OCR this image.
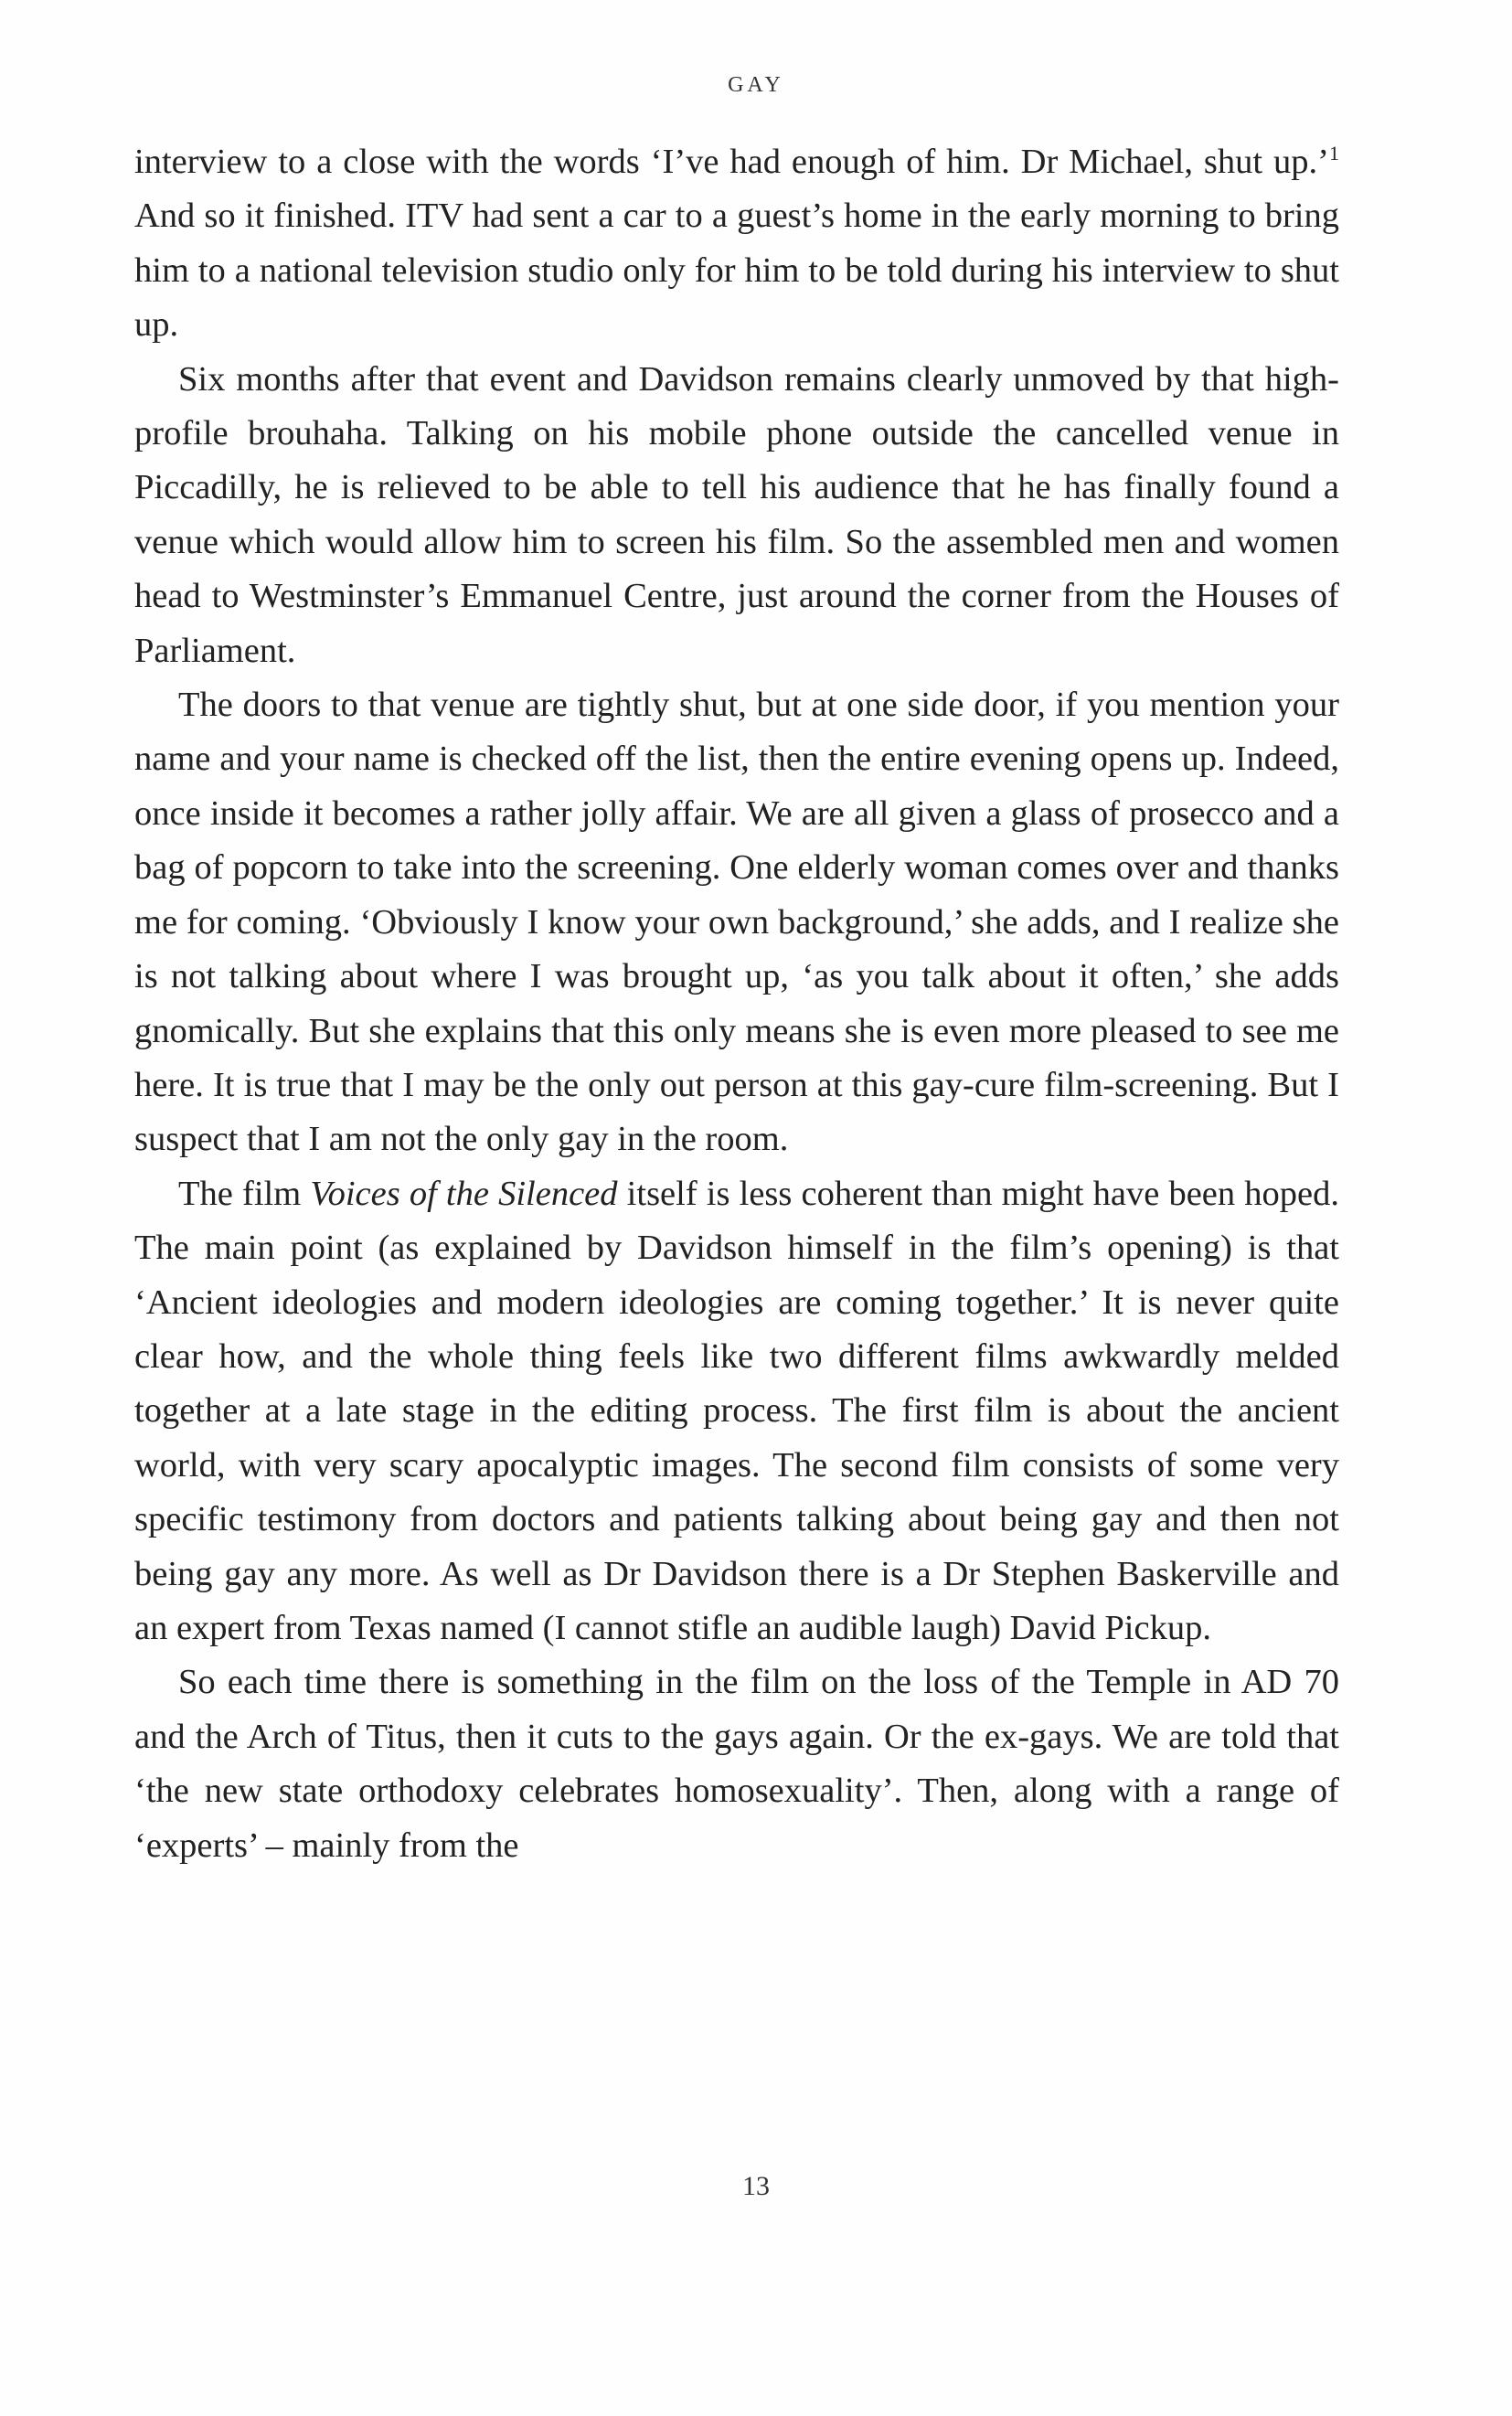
GAY

interview to a close with the words ‘I’ve had enough of him. Dr Michael, shut up.’$^1$ And so it finished. ITV had sent a car to a guest’s home in the early morning to bring him to a national television studio only for him to be told during his interview to shut up.

Six months after that event and Davidson remains clearly unmoved by that high-profile brouhaha. Talking on his mobile phone outside the cancelled venue in Piccadilly, he is relieved to be able to tell his audience that he has finally found a venue which would allow him to screen his film. So the assembled men and women head to Westminster’s Emmanuel Centre, just around the corner from the Houses of Parliament.

The doors to that venue are tightly shut, but at one side door, if you mention your name and your name is checked off the list, then the entire evening opens up. Indeed, once inside it becomes a rather jolly affair. We are all given a glass of prosecco and a bag of popcorn to take into the screening. One elderly woman comes over and thanks me for coming. ‘Obviously I know your own background,’ she adds, and I realize she is not talking about where I was brought up, ‘as you talk about it often,’ she adds gnomically. But she explains that this only means she is even more pleased to see me here. It is true that I may be the only out person at this gay-cure film-screening. But I suspect that I am not the only gay in the room.

The film Voices of the Silenced itself is less coherent than might have been hoped. The main point (as explained by Davidson himself in the film’s opening) is that ‘Ancient ideologies and modern ideologies are coming together.’ It is never quite clear how, and the whole thing feels like two different films awkwardly melded together at a late stage in the editing process. The first film is about the ancient world, with very scary apocalyptic images. The second film consists of some very specific testimony from doctors and patients talking about being gay and then not being gay any more. As well as Dr Davidson there is a Dr Stephen Baskerville and an expert from Texas named (I cannot stifle an audible laugh) David Pickup.

So each time there is something in the film on the loss of the Temple in AD 70 and the Arch of Titus, then it cuts to the gays again. Or the ex-gays. We are told that ‘the new state orthodoxy celebrates homosexuality’. Then, along with a range of ‘experts’ – mainly from the

13
